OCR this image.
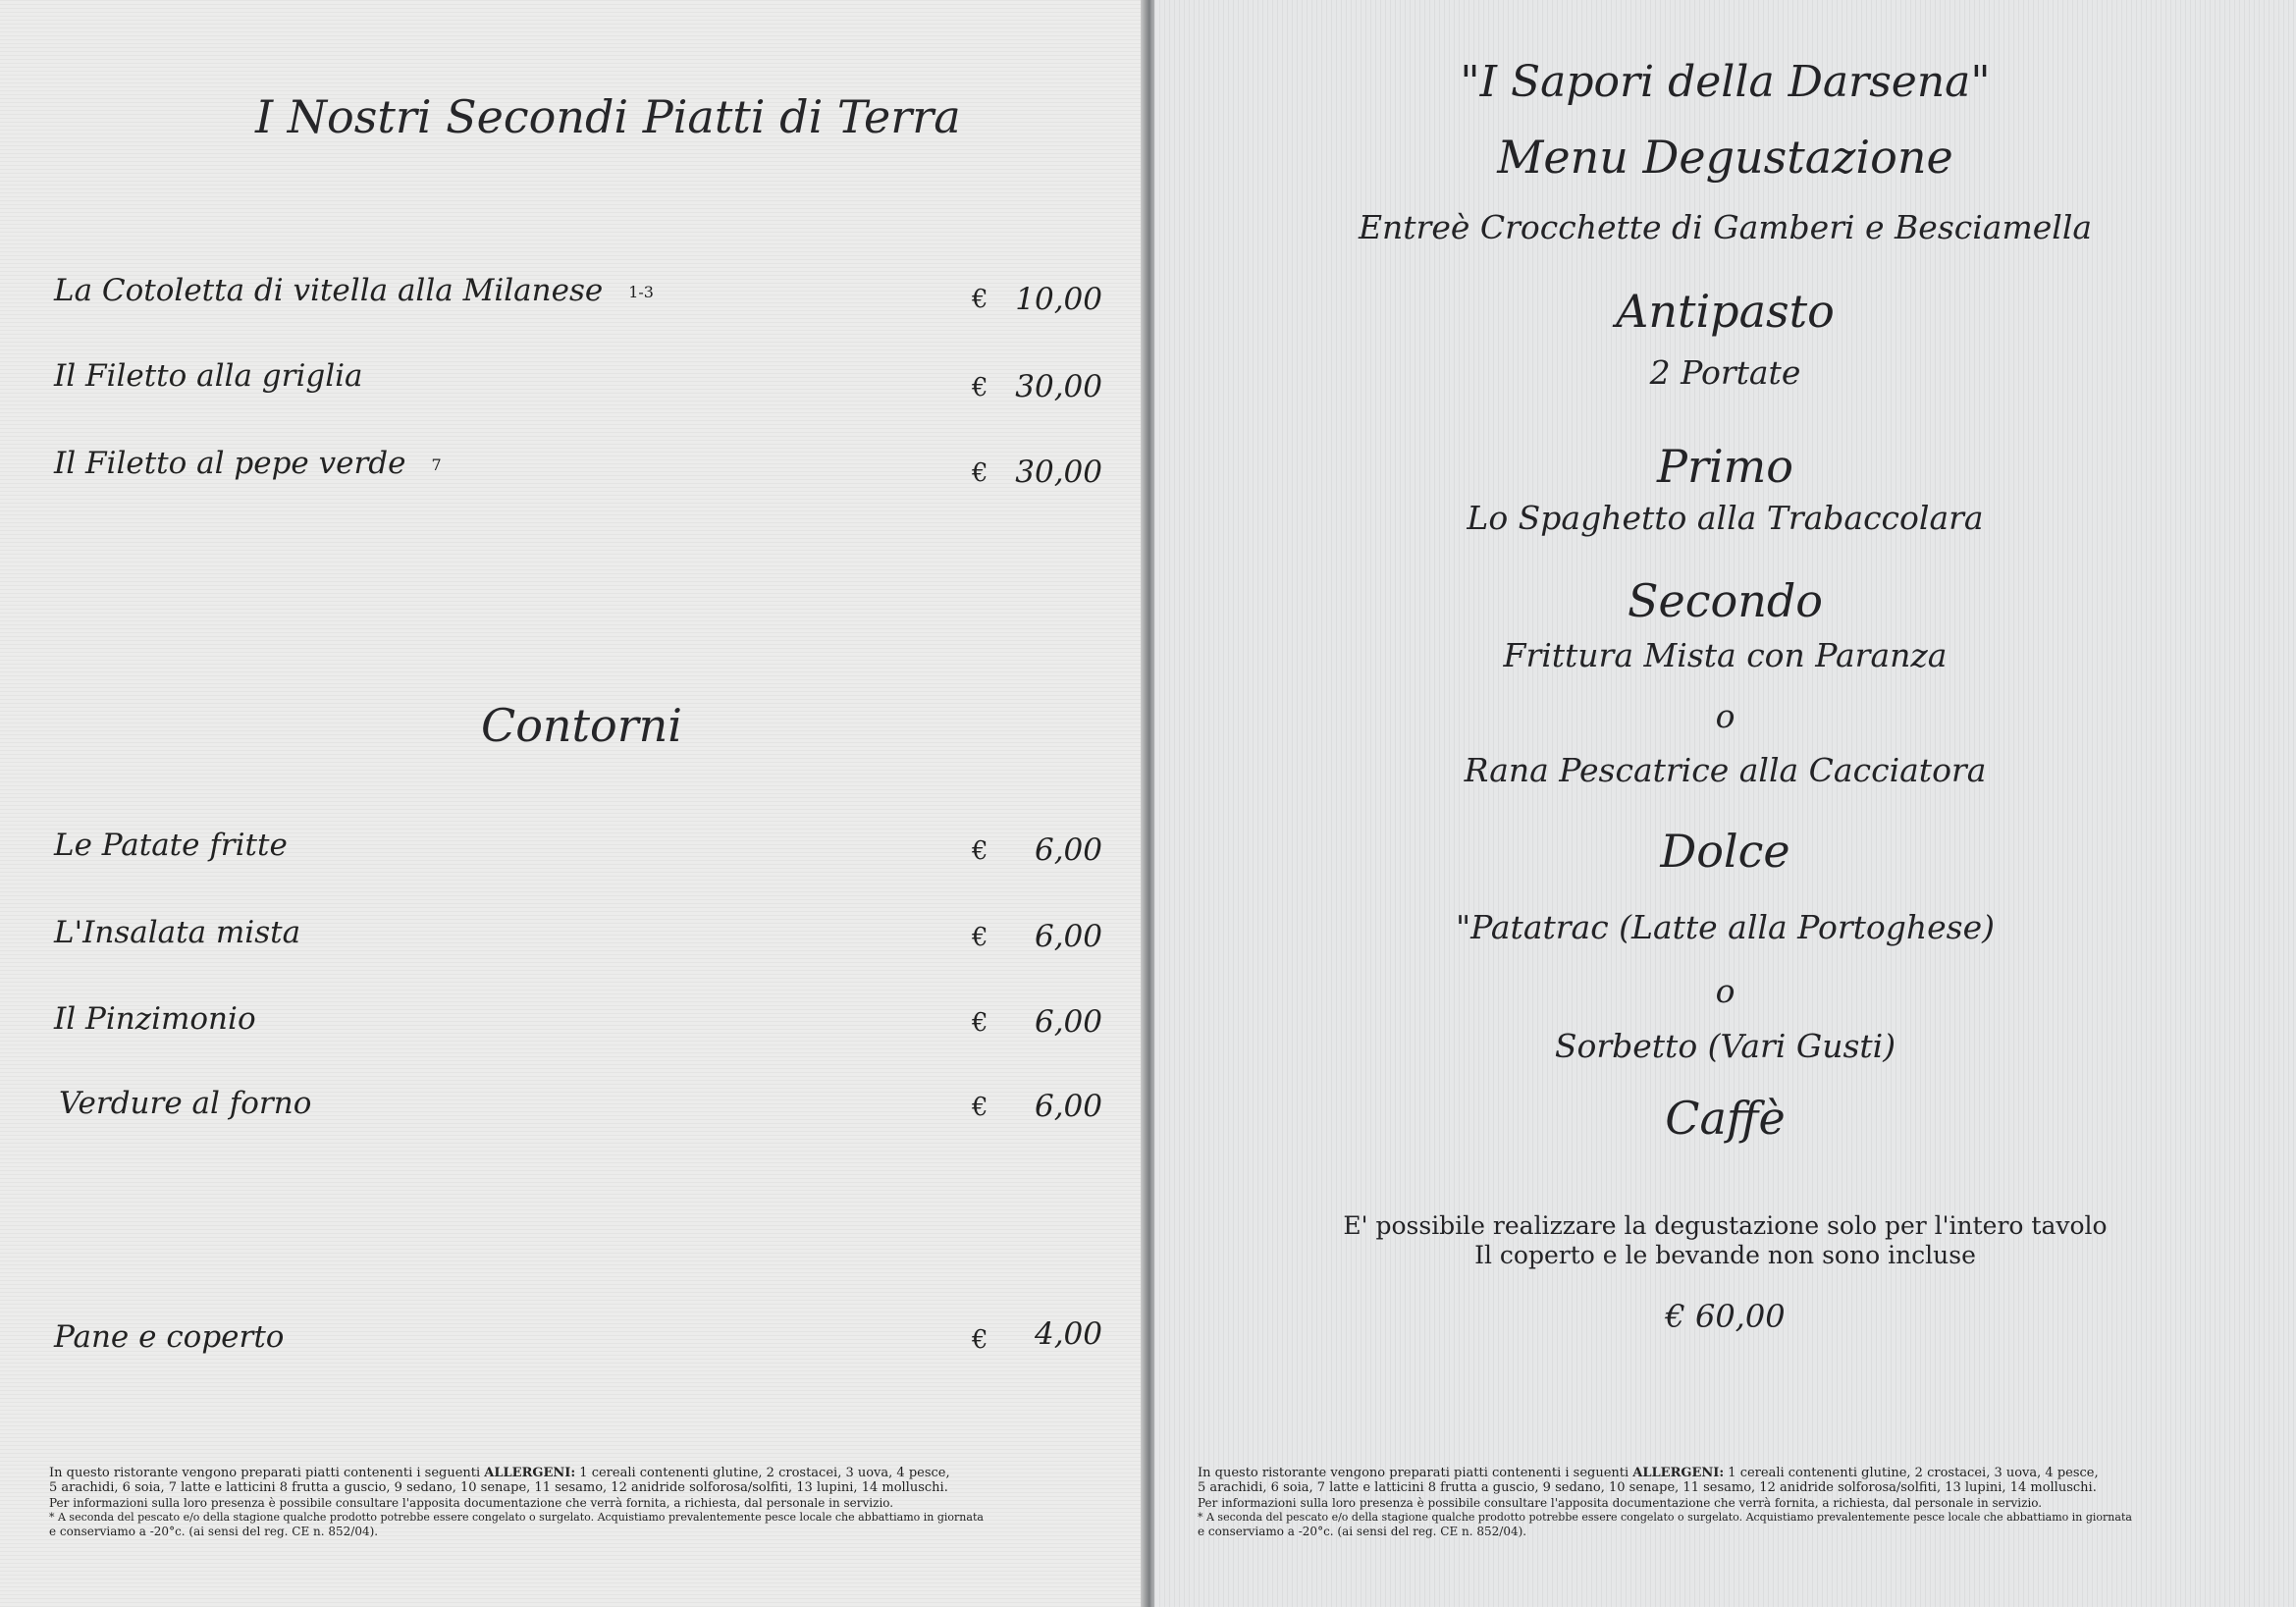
I Nostri Secondi Piatti di Terra
La Cotoletta di vitella alla Milanese 1-3	€ 10,00
Il Filetto alla griglia	€ 30,00
Il Filetto al pepe verde 7	€ 30,00
Contorni
Le Patate fritte	€ 6,00
L'Insalata mista	€ 6,00
Il Pinzimonio	€ 6,00
Verdure al forno	€ 6,00
Pane e coperto	€ 4,00
In questo ristorante vengono preparati piatti contenenti i seguenti ALLERGENI: 1 cereali contenenti glutine, 2 crostacei, 3 uova, 4 pesce,
5 arachidi, 6 soia, 7 latte e latticini 8 frutta a guscio, 9 sedano, 10 senape, 11 sesamo, 12 anidride solforosa/solfiti, 13 lupini, 14 molluschi.
Per informazioni sulla loro presenza è possibile consultare l'apposita documentazione che verrà fornita, a richiesta, dal personale in servizio.
* A seconda del pescato e/o della stagione qualche prodotto potrebbe essere congelato o surgelato. Acquistiamo prevalentemente pesce locale che abbattiamo in giornata
e conserviamo a -20°c. (ai sensi del reg. CE n. 852/04).
"I Sapori della Darsena"
Menu Degustazione
Entreè Crocchette di Gamberi e Besciamella
Antipasto
2 Portate
Primo
Lo Spaghetto alla Trabaccolara
Secondo
Frittura Mista con Paranza
o
Rana Pescatrice alla Cacciatora
Dolce
"Patatrac (Latte alla Portoghese)
o
Sorbetto (Vari Gusti)
Caffè
E' possibile realizzare la degustazione solo per l'intero tavolo
Il coperto e le bevande non sono incluse
€ 60,00
In questo ristorante vengono preparati piatti contenenti i seguenti ALLERGENI: 1 cereali contenenti glutine, 2 crostacei, 3 uova, 4 pesce,
5 arachidi, 6 soia, 7 latte e latticini 8 frutta a guscio, 9 sedano, 10 senape, 11 sesamo, 12 anidride solforosa/solfiti, 13 lupini, 14 molluschi.
Per informazioni sulla loro presenza è possibile consultare l'apposita documentazione che verrà fornita, a richiesta, dal personale in servizio.
* A seconda del pescato e/o della stagione qualche prodotto potrebbe essere congelato o surgelato. Acquistiamo prevalentemente pesce locale che abbattiamo in giornata
e conserviamo a -20°c. (ai sensi del reg. CE n. 852/04).
